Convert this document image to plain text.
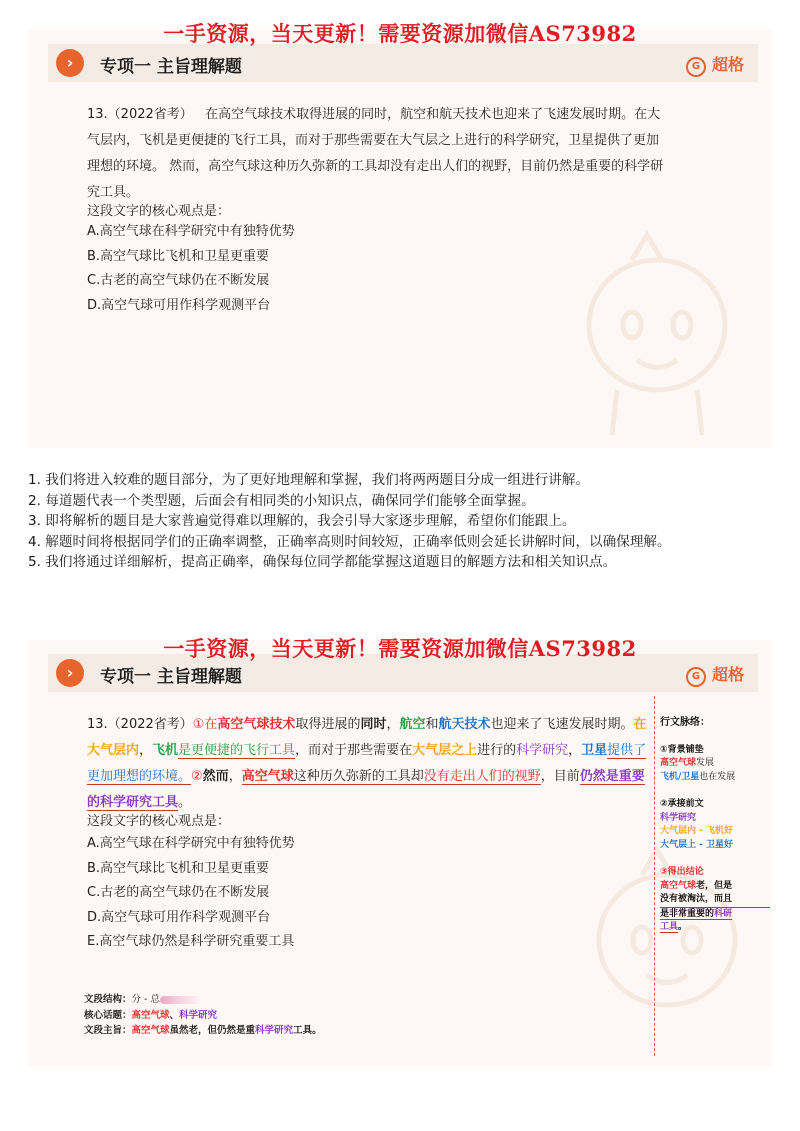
›	专项一 主旨理解题	G 超格
13.（2022省考） 在高空气球技术取得进展的同时，航空和航天技术也迎来了飞速发展时期。在大气层内，飞机是更便捷的飞行工具，而对于那些需要在大气层之上进行的科学研究，卫星提供了更加理想的环境。 然而，高空气球这种历久弥新的工具却没有走出人们的视野，目前仍然是重要的科学研究工具。
这段文字的核心观点是：
A.高空气球在科学研究中有独特优势
B.高空气球比飞机和卫星更重要
C.古老的高空气球仍在不断发展
D.高空气球可用作科学观测平台
一手资源，当天更新！需要资源加微信AS73982
1. 我们将进入较难的题目部分，为了更好地理解和掌握，我们将两两题目分成一组进行讲解。
2. 每道题代表一个类型题，后面会有相同类的小知识点，确保同学们能够全面掌握。
3. 即将解析的题目是大家普遍觉得难以理解的，我会引导大家逐步理解，希望你们能跟上。
4. 解题时间将根据同学们的正确率调整，正确率高则时间较短，正确率低则会延长讲解时间，以确保理解。
5. 我们将通过详细解析，提高正确率，确保每位同学都能掌握这道题目的解题方法和相关知识点。
›	专项一 主旨理解题	G 超格
13.（2022省考）①在高空气球技术取得进展的同时，航空和航天技术也迎来了飞速发展时期。在大气层内，飞机是更便捷的飞行工具，而对于那些需要在大气层之上进行的科学研究，卫星提供了更加理想的环境。②然而，高空气球这种历久弥新的工具却没有走出人们的视野，目前仍然是重要的科学研究工具。
这段文字的核心观点是：
A.高空气球在科学研究中有独特优势
B.高空气球比飞机和卫星更重要
C.古老的高空气球仍在不断发展
D.高空气球可用作科学观测平台
E.高空气球仍然是科学研究重要工具
行文脉络：
①背景铺垫
高空气球发展
飞机/卫星也在发展
②承接前文
科学研究
大气层内 - 飞机好
大气层上 - 卫星好
③得出结论
高空气球老，但是
没有被淘汰，而且
是非常重要的科研
工具。
文段结构：分 - 总
核心话题：高空气球、科学研究
文段主旨：高空气球虽然老，但仍然是重科学研究工具。
一手资源，当天更新！需要资源加微信AS73982
